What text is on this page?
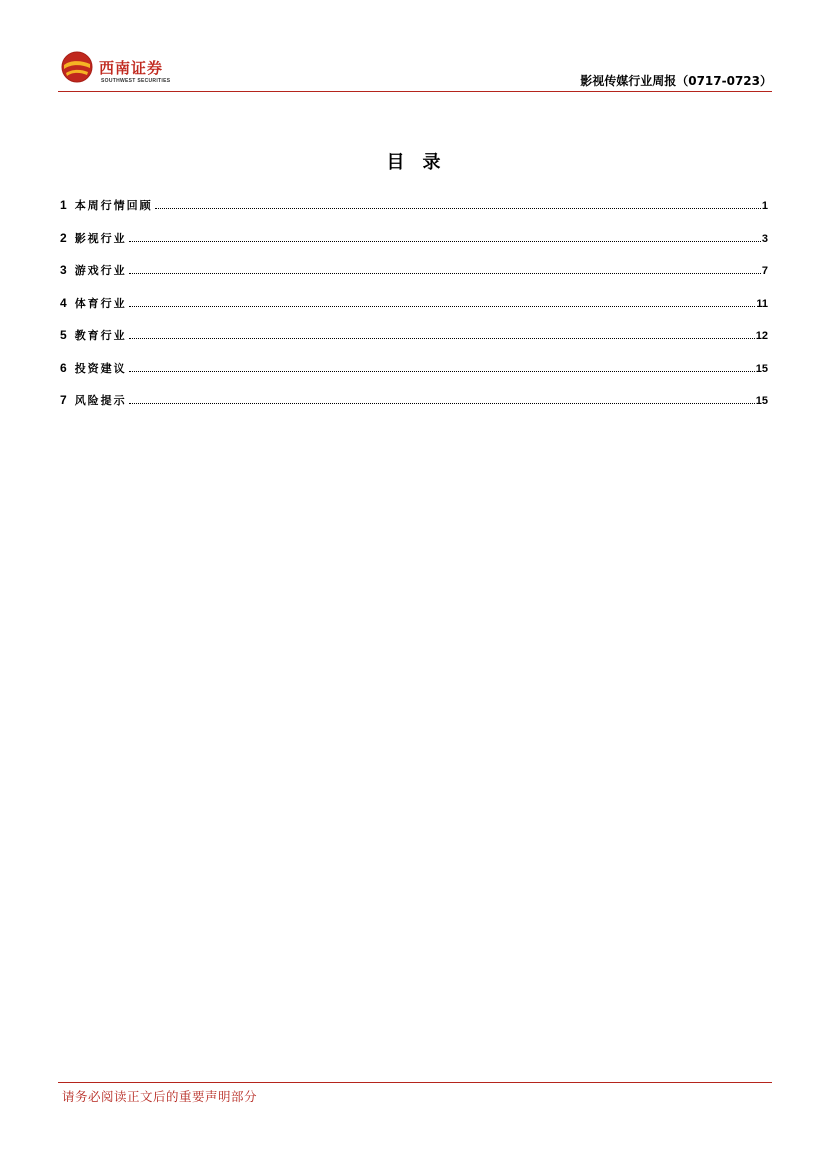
西南证券
SOUTHWEST SECURITIES	影视传媒行业周报（0717-0723）
目录
1 本周行情回顾	1
2 影视行业	3
3 游戏行业	7
4 体育行业	11
5 教育行业	12
6 投资建议	15
7 风险提示	15
请务必阅读正文后的重要声明部分
